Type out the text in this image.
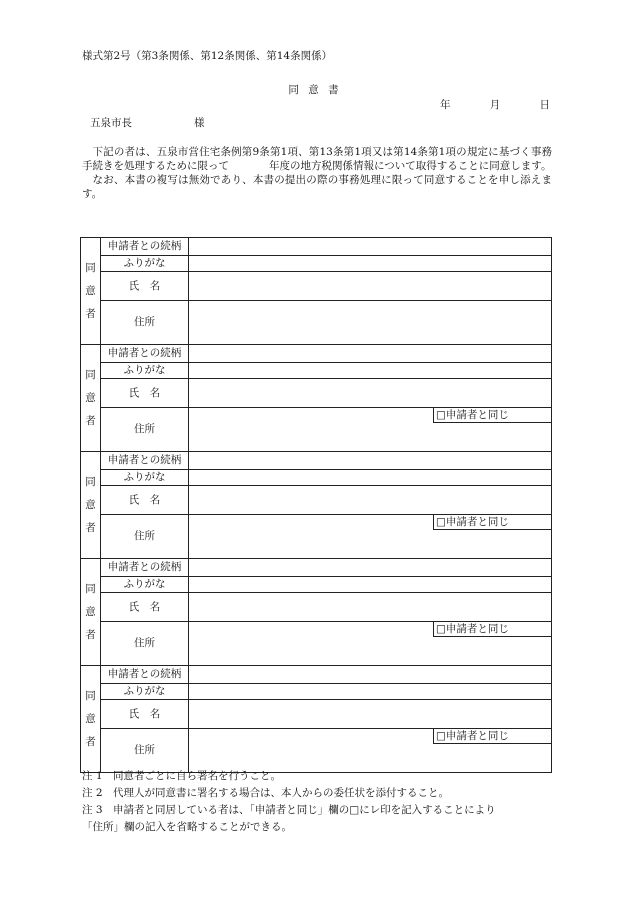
様式第2号（第3条関係、第12条関係、第14条関係）
同 意 書
年	月	日
五泉市長	様

下記の者は、五泉市営住宅条例第9条第1項、第13条第1項又は第14条第1項の規定に基づく事務手続きを処理するために限って	年度の地方税関係情報について取得することに同意します。

なお、本書の複写は無効であり、本書の提出の際の事務処理に限って同意することを申し添えます。

同
意
者	申請者との続柄	
	ふりがな	
	氏　名	
	住所	

同
意
者	申請者との続柄	
	ふりがな	
	氏　名	
	住所	□申請者と同じ

同
意
者	申請者との続柄	
	ふりがな	
	氏　名	
	住所	□申請者と同じ

同
意
者	申請者との続柄	
	ふりがな	
	氏　名	
	住所	□申請者と同じ

同
意
者	申請者との続柄	
	ふりがな	
	氏　名	
	住所	□申請者と同じ
注 1　同意者ごとに自ら署名を行うこと。
注 2　代理人が同意書に署名する場合は、本人からの委任状を添付すること。
注 3　申請者と同居している者は、「申請者と同じ」欄の□にレ印を記入することにより
「住所」欄の記入を省略することができる。
